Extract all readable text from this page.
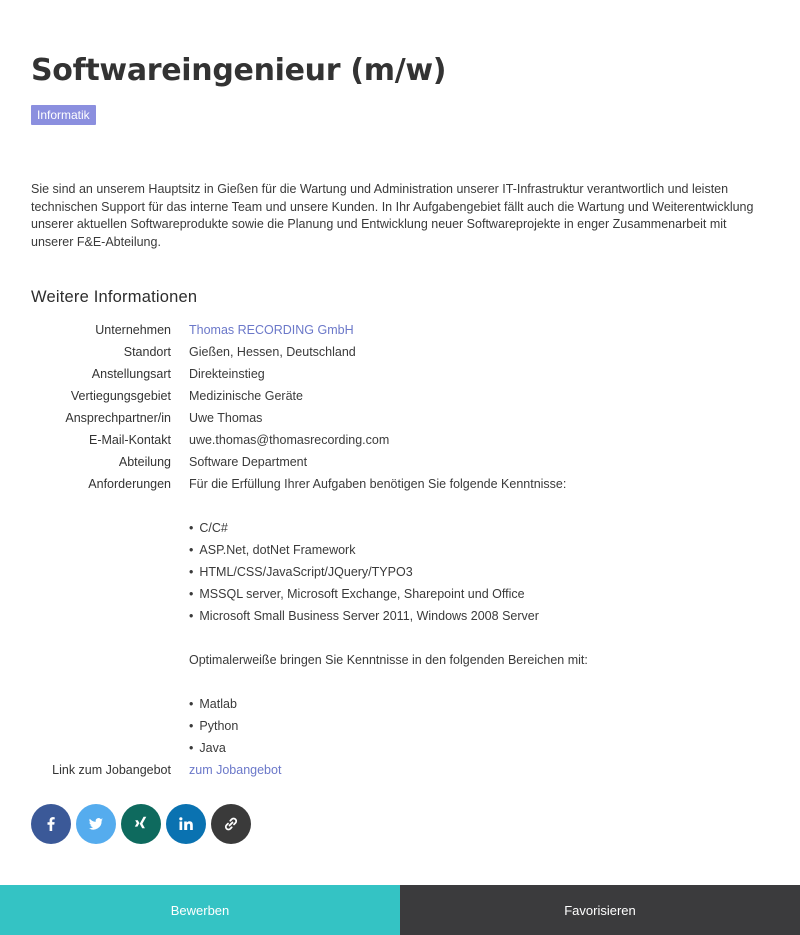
Softwareingenieur (m/w)
Informatik

Sie sind an unserem Hauptsitz in Gießen für die Wartung und Administration unserer IT-Infrastruktur verantwortlich und leisten technischen Support für das interne Team und unsere Kunden. In Ihr Aufgabengebiet fällt auch die Wartung und Weiterentwicklung unserer aktuellen Softwareprodukte sowie die Planung und Entwicklung neuer Softwareprojekte in enger Zusammenarbeit mit unserer F&E-Abteilung.

Weitere Informationen
Unternehmen	Thomas RECORDING GmbH
Standort	Gießen, Hessen, Deutschland
Anstellungsart	Direkteinstieg
Vertiegungsgebiet	Medizinische Geräte
Ansprechpartner/in	Uwe Thomas
E-Mail-Kontakt	uwe.thomas@thomasrecording.com
Abteilung	Software Department
Anforderungen	Für die Erfüllung Ihrer Aufgaben benötigen Sie folgende Kenntnisse:
• C/C#
• ASP.Net, dotNet Framework
• HTML/CSS/JavaScript/JQuery/TYPO3
• MSSQL server, Microsoft Exchange, Sharepoint und Office
• Microsoft Small Business Server 2011, Windows 2008 Server
Optimalerweiße bringen Sie Kenntnisse in den folgenden Bereichen mit:
• Matlab
• Python
• Java
Link zum Jobangebot	zum Jobangebot
Bewerben	Favorisieren
